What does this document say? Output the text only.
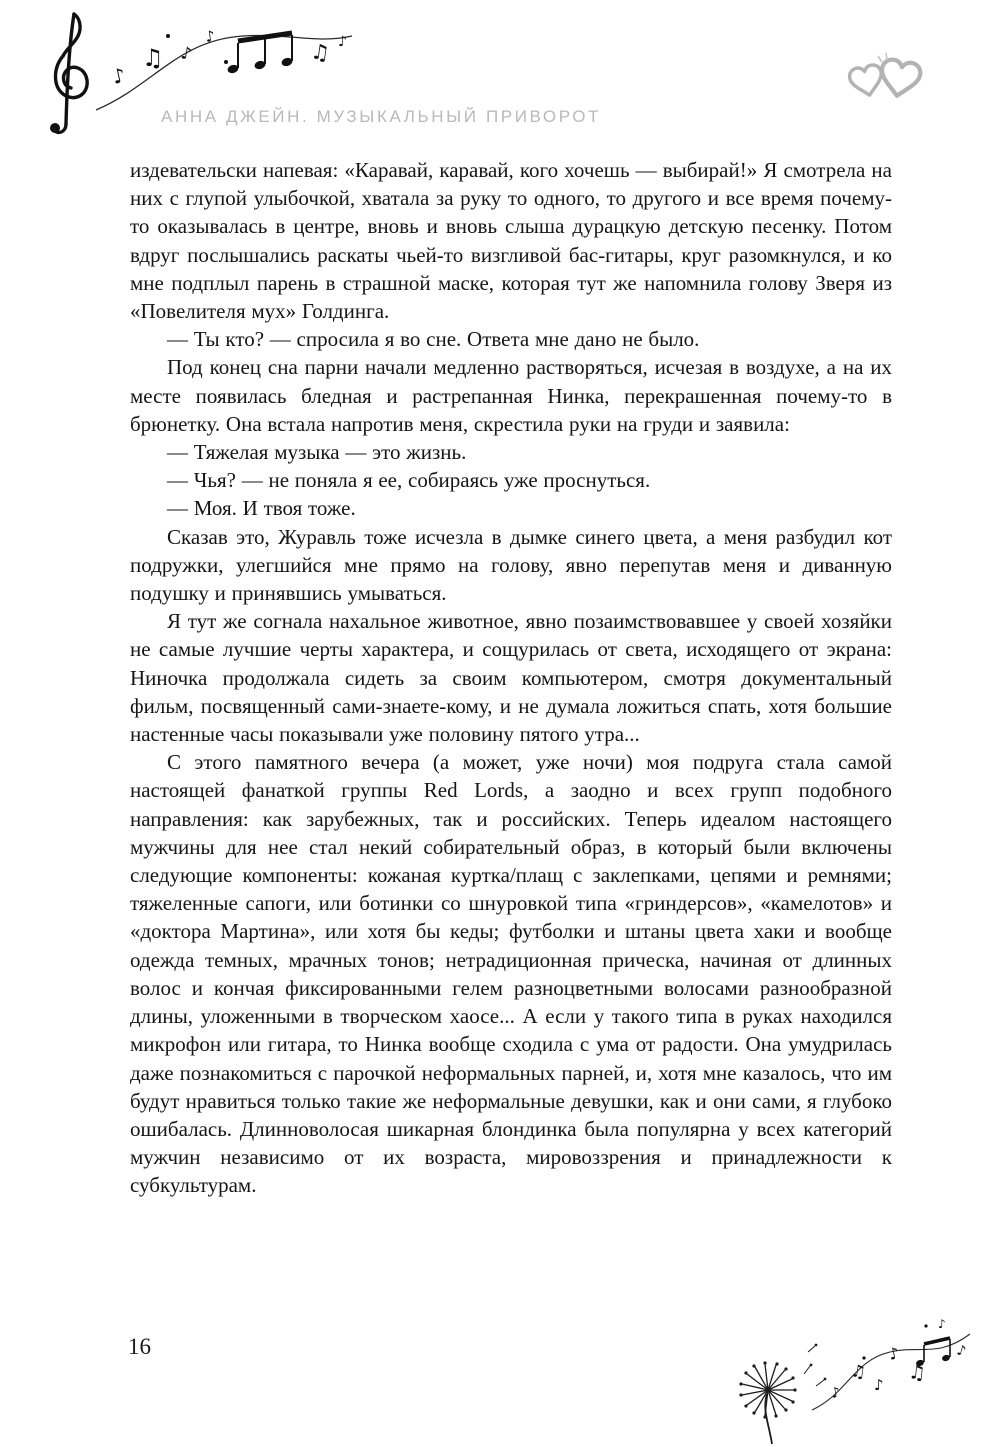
♪
♫ ♪
♪
♫ ♪
АННА ДЖЕЙН. МУЗЫКАЛЬНЫЙ ПРИВОРОТ

издевательски напевая: «Каравай, каравай, кого хочешь — выбирай!» Я смотрела на них с глупой улыбочкой, хватала за руку то одного, то другого и все время почему-то оказывалась в центре, вновь и вновь слыша дурацкую детскую песенку. Потом вдруг послышались раскаты чьей-то визгливой бас-гитары, круг разомкнулся, и ко мне подплыл парень в страшной маске, которая тут же напомнила голову Зверя из «Повелителя мух» Голдинга.

— Ты кто? — спросила я во сне. Ответа мне дано не было.

Под конец сна парни начали медленно растворяться, исчезая в воздухе, а на их месте появилась бледная и растрепанная Нинка, перекрашенная почему-то в брюнетку. Она встала напротив меня, скрестила руки на груди и заявила:

— Тяжелая музыка — это жизнь.

— Чья? — не поняла я ее, собираясь уже проснуться.

— Моя. И твоя тоже.

Сказав это, Журавль тоже исчезла в дымке синего цвета, а меня разбудил кот подружки, улегшийся мне прямо на голову, явно перепутав меня и диванную подушку и принявшись умываться.

Я тут же согнала нахальное животное, явно позаимствовавшее у своей хозяйки не самые лучшие черты характера, и сощурилась от света, исходящего от экрана: Ниночка продолжала сидеть за своим компьютером, смотря документальный фильм, посвященный сами-знаете-кому, и не думала ложиться спать, хотя большие настенные часы показывали уже половину пятого утра...

С этого памятного вечера (а может, уже ночи) моя подруга стала самой настоящей фанаткой группы Red Lords, а заодно и всех групп подобного направления: как зарубежных, так и российских. Теперь идеалом настоящего мужчины для нее стал некий собирательный образ, в который были включены следующие компоненты: кожаная куртка/плащ с заклепками, цепями и ремнями; тяжеленные сапоги, или ботинки со шнуровкой типа «гриндерсов», «камелотов» и «доктора Мартина», или хотя бы кеды; футболки и штаны цвета хаки и вообще одежда темных, мрачных тонов; нетрадиционная прическа, начиная от длинных волос и кончая фиксированными гелем разноцветными волосами разнообразной длины, уложенными в творческом хаосе... А если у такого типа в руках находился микрофон или гитара, то Нинка вообще сходила с ума от радости. Она умудрилась даже познакомиться с парочкой неформальных парней, и, хотя мне казалось, что им будут нравиться только такие же неформальные девушки, как и они сами, я глубоко ошибалась. Длинноволосая шикарная блондинка была популярна у всех категорий мужчин независимо от их возраста, мировоззрения и принадлежности к субкультурам.

16
♪
♫
♪
♪
♫
♪
♪
